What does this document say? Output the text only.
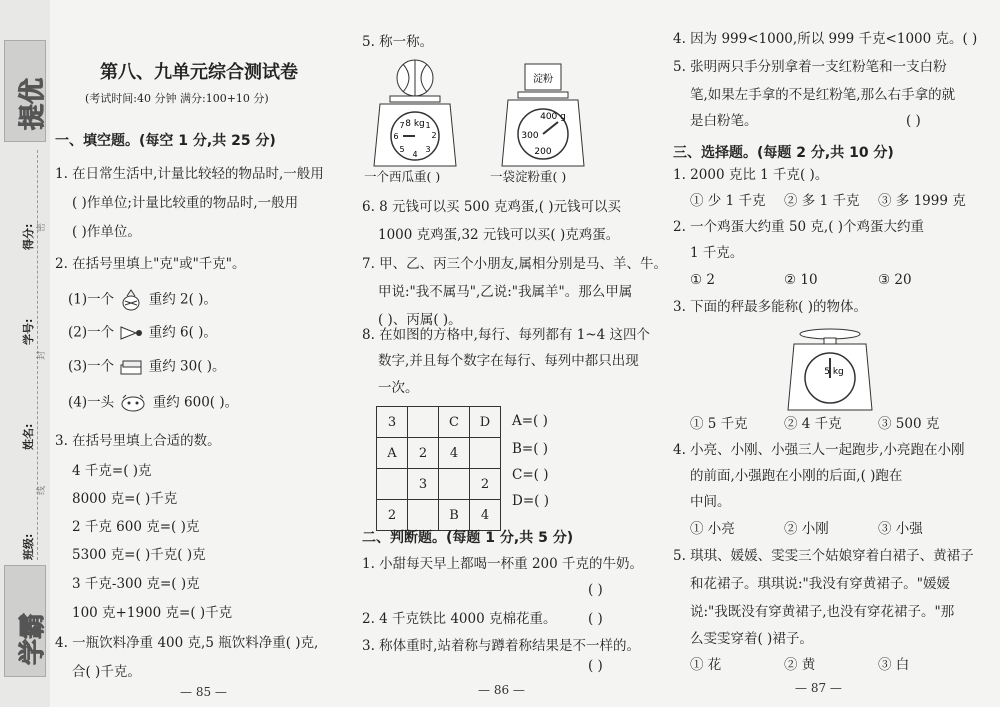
提优
学霸
得分: 密
学号:
封
姓名:
线
班级:
第八、九单元综合测试卷
(考试时间:40 分钟 满分:100+10 分)
一、填空题。(每空 1 分,共 25 分)
1. 在日常生活中,计量比较轻的物品时,一般用
( )作单位;计量比较重的物品时,一般用
( )作单位。
2. 在括号里填上"克"或"千克"。
(1)一个	重约 2( )。
(2)一个	重约 6( )。
(3)一个	重约 30( )。
(4)一头	重约 600( )。
3. 在括号里填上合适的数。
4 千克=( )克
8000 克=( )千克
2 千克 600 克=( )克
5300 克=( )千克( )克
3 千克-300 克=( )克
100 克+1900 克=( )千克
4. 一瓶饮料净重 400 克,5 瓶饮料净重( )克,
合( )千克。
— 85 —
5. 称一称。
8 kg 1
2
3
4
5
6
7
一个西瓜重( )
淀粉
400 g
300
200
一袋淀粉重( )
6. 8 元钱可以买 500 克鸡蛋,( )元钱可以买
1000 克鸡蛋,32 元钱可以买( )克鸡蛋。
7. 甲、乙、丙三个小朋友,属相分别是马、羊、牛。
甲说:"我不属马",乙说:"我属羊"。那么甲属
( )、丙属( )。
8. 在如图的方格中,每行、每列都有 1~4 这四个
数字,并且每个数字在每行、每列中都只出现
一次。
3		C	D
A	2	4	
	3		2
2		B	4
A=( )
B=( )
C=( )
D=( )
二、判断题。(每题 1 分,共 5 分)
1. 小甜每天早上都喝一杯重 200 千克的牛奶。
( )
2. 4 千克铁比 4000 克棉花重。 ( )
3. 称体重时,站着称与蹲着称结果是不一样的。
( )
— 86 —
4. 因为 999<1000,所以 999 千克<1000 克。( )
5. 张明两只手分别拿着一支红粉笔和一支白粉
笔,如果左手拿的不是红粉笔,那么右手拿的就
是白粉笔。	( )
三、选择题。(每题 2 分,共 10 分)
1. 2000 克比 1 千克( )。
① 少 1 千克 ② 多 1 千克 ③ 多 1999 克
2. 一个鸡蛋大约重 50 克,( )个鸡蛋大约重
1 千克。
① 2	② 10	③ 20
3. 下面的秤最多能称( )的物体。
5 kg
① 5 千克	② 4 千克	③ 500 克
4. 小亮、小刚、小强三人一起跑步,小亮跑在小刚
的前面,小强跑在小刚的后面,( )跑在
中间。
① 小亮	② 小刚	③ 小强
5. 琪琪、媛媛、雯雯三个姑娘穿着白裙子、黄裙子
和花裙子。琪琪说:"我没有穿黄裙子。"媛媛
说:"我既没有穿黄裙子,也没有穿花裙子。"那
么雯雯穿着( )裙子。
① 花	② 黄	③ 白
— 87 —
